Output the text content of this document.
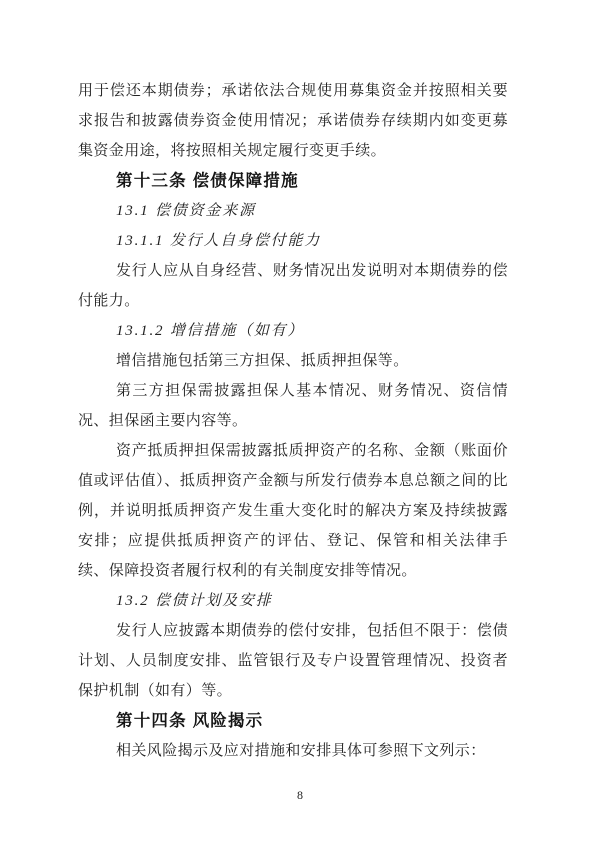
用于偿还本期债券；承诺依法合规使用募集资金并按照相关要求报告和披露债券资金使用情况；承诺债券存续期内如变更募集资金用途，将按照相关规定履行变更手续。

第十三条 偿债保障措施

13.1 偿债资金来源

13.1.1 发行人自身偿付能力

发行人应从自身经营、财务情况出发说明对本期债券的偿付能力。

13.1.2 增信措施（如有）

增信措施包括第三方担保、抵质押担保等。

第三方担保需披露担保人基本情况、财务情况、资信情况、担保函主要内容等。

资产抵质押担保需披露抵质押资产的名称、金额（账面价值或评估值）、抵质押资产金额与所发行债券本息总额之间的比例，并说明抵质押资产发生重大变化时的解决方案及持续披露安排；应提供抵质押资产的评估、登记、保管和相关法律手续、保障投资者履行权利的有关制度安排等情况。

13.2 偿债计划及安排

发行人应披露本期债券的偿付安排，包括但不限于：偿债计划、人员制度安排、监管银行及专户设置管理情况、投资者保护机制（如有）等。

第十四条 风险揭示

相关风险揭示及应对措施和安排具体可参照下文列示：

8
